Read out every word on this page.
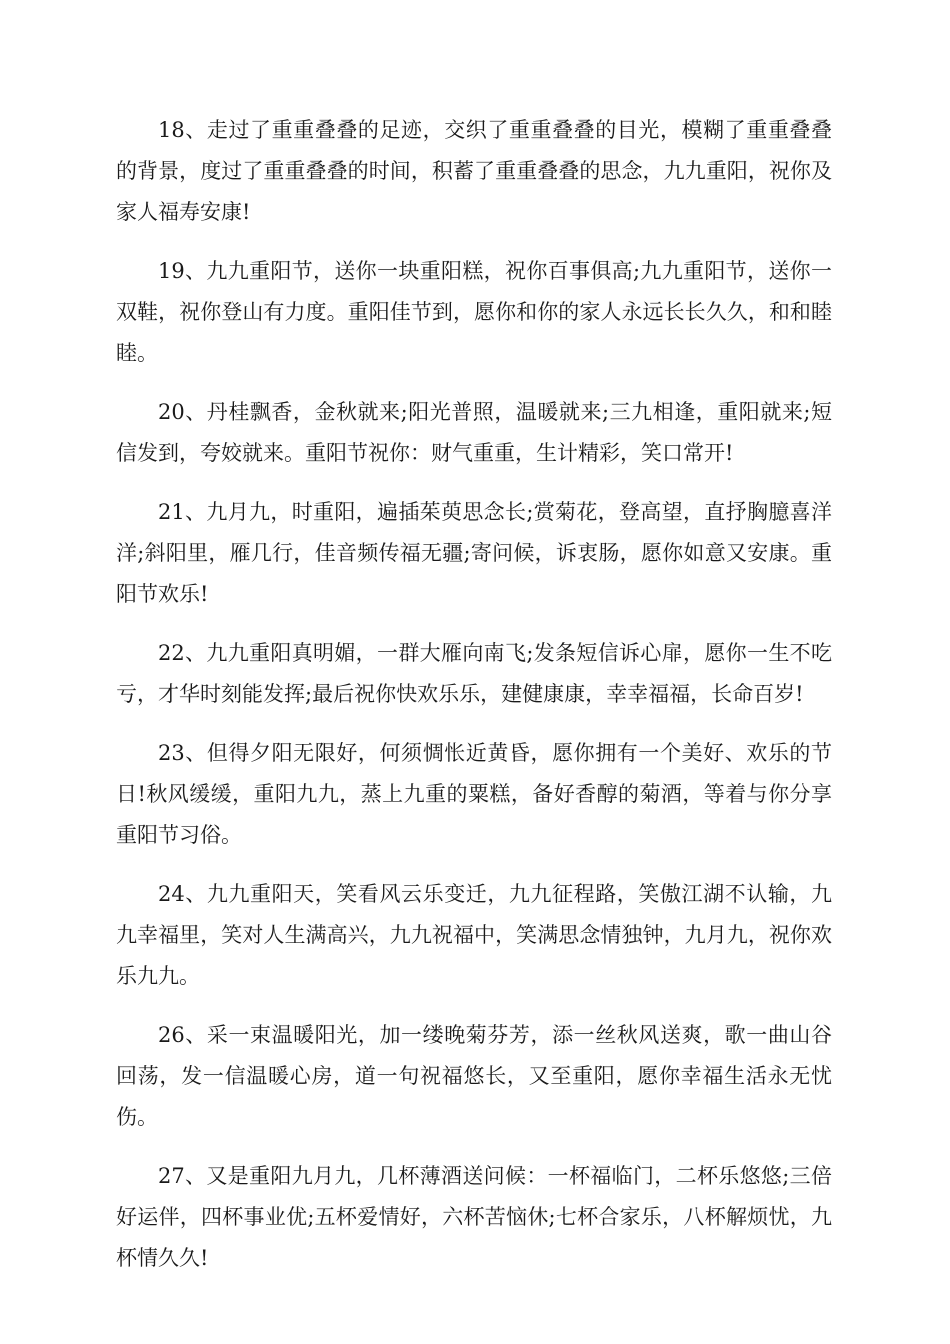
18、走过了重重叠叠的足迹，交织了重重叠叠的目光，模糊了重重叠叠的背景，度过了重重叠叠的时间，积蓄了重重叠叠的思念，九九重阳，祝你及家人福寿安康!

19、九九重阳节，送你一块重阳糕，祝你百事俱高;九九重阳节，送你一双鞋，祝你登山有力度。重阳佳节到，愿你和你的家人永远长长久久，和和睦睦。

20、丹桂飘香，金秋就来;阳光普照，温暖就来;三九相逢，重阳就来;短信发到，夸姣就来。重阳节祝你：财气重重，生计精彩，笑口常开!

21、九月九，时重阳，遍插茱萸思念长;赏菊花，登高望，直抒胸臆喜洋洋;斜阳里，雁几行，佳音频传福无疆;寄问候，诉衷肠，愿你如意又安康。重阳节欢乐!

22、九九重阳真明媚，一群大雁向南飞;发条短信诉心扉，愿你一生不吃亏，才华时刻能发挥;最后祝你快欢乐乐，建健康康，幸幸福福，长命百岁!

23、但得夕阳无限好，何须惆怅近黄昏，愿你拥有一个美好、欢乐的节日!秋风缓缓，重阳九九，蒸上九重的粟糕，备好香醇的菊酒，等着与你分享重阳节习俗。

24、九九重阳天，笑看风云乐变迁，九九征程路，笑傲江湖不认输，九九幸福里，笑对人生满高兴，九九祝福中，笑满思念情独钟，九月九，祝你欢乐九九。

26、采一束温暖阳光，加一缕晚菊芬芳，添一丝秋风送爽，歌一曲山谷回荡，发一信温暖心房，道一句祝福悠长，又至重阳，愿你幸福生活永无忧伤。

27、又是重阳九月九，几杯薄酒送问候：一杯福临门，二杯乐悠悠;三倍好运伴，四杯事业优;五杯爱情好，六杯苦恼休;七杯合家乐，八杯解烦忧，九杯情久久!
